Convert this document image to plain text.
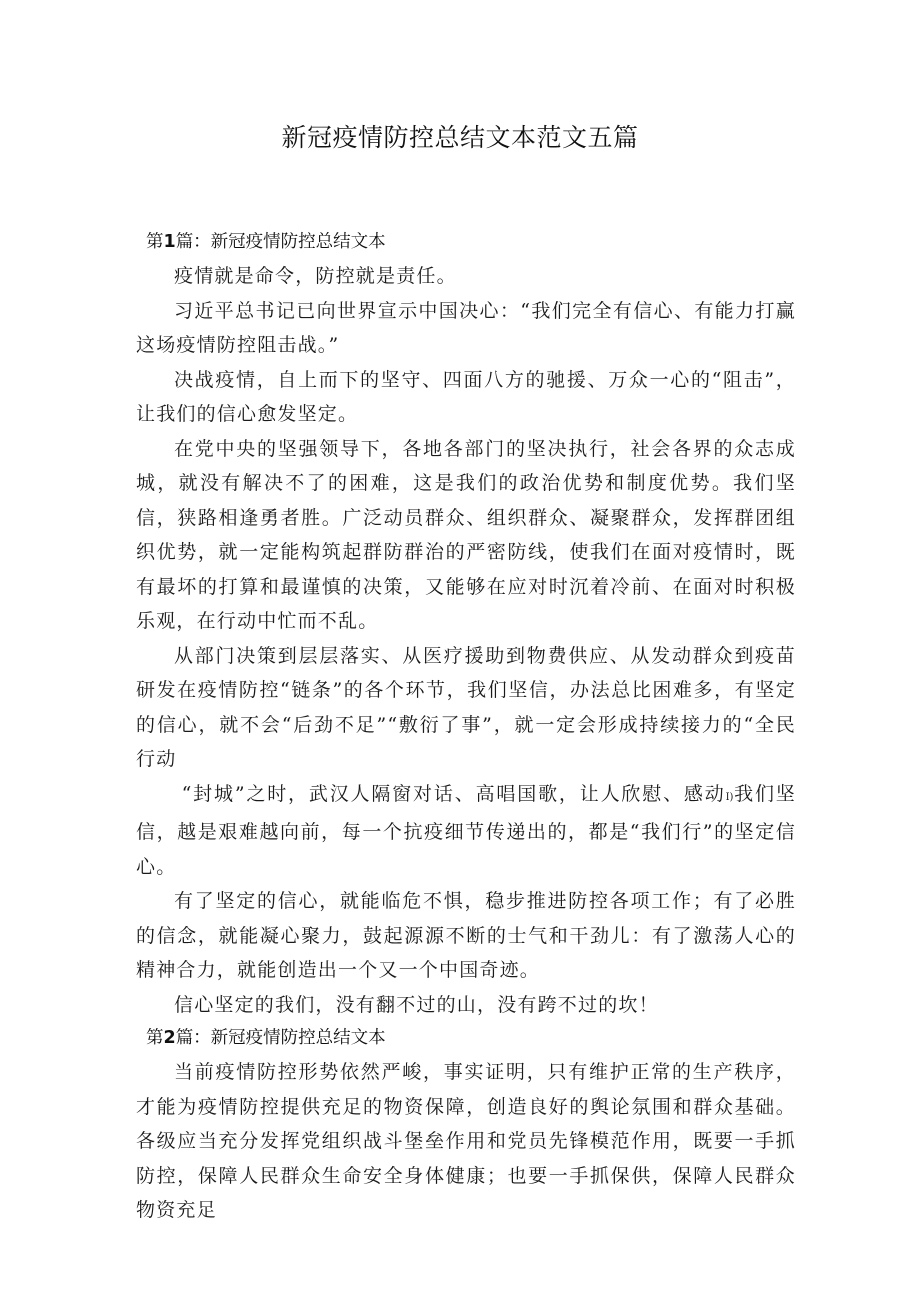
新冠疫情防控总结文本范文五篇

第1篇：新冠疫情防控总结文本

疫情就是命令，防控就是责任。

习近平总书记已向世界宣示中国决心：“我们完全有信心、有能力打赢这场疫情防控阻击战。”

决战疫情，自上而下的坚守、四面八方的驰援、万众一心的“阻击”，让我们的信心愈发坚定。

在党中央的坚强领导下，各地各部门的坚决执行，社会各界的众志成城，就没有解决不了的困难，这是我们的政治优势和制度优势。我们坚信，狭路相逢勇者胜。广泛动员群众、组织群众、凝聚群众，发挥群团组织优势，就一定能构筑起群防群治的严密防线，使我们在面对疫情时，既有最坏的打算和最谨慎的决策，又能够在应对时沉着冷前、在面对时积极乐观，在行动中忙而不乱。

从部门决策到层层落实、从医疗援助到物费供应、从发动群众到疫苗研发在疫情防控“链条”的各个环节，我们坚信，办法总比困难多，有坚定的信心，就不会“后劲不足”“敷衍了事”，就一定会形成持续接力的“全民行动

“封城”之时，武汉人隔窗对话、高唱国歌，让人欣慰、感动I)我们坚信，越是艰难越向前，每一个抗疫细节传递出的，都是“我们行”的坚定信心。

有了坚定的信心，就能临危不惧，稳步推进防控各项工作；有了必胜的信念，就能凝心聚力，鼓起源源不断的士气和干劲儿：有了激荡人心的精神合力，就能创造出一个又一个中国奇迹。

信心坚定的我们，没有翻不过的山，没有跨不过的坎！

第2篇：新冠疫情防控总结文本

当前疫情防控形势依然严峻，事实证明，只有维护正常的生产秩序，才能为疫情防控提供充足的物资保障，创造良好的舆论氛围和群众基础。各级应当充分发挥党组织战斗堡垒作用和党员先锋模范作用，既要一手抓防控，保障人民群众生命安全身体健康；也要一手抓保供，保障人民群众物资充足
